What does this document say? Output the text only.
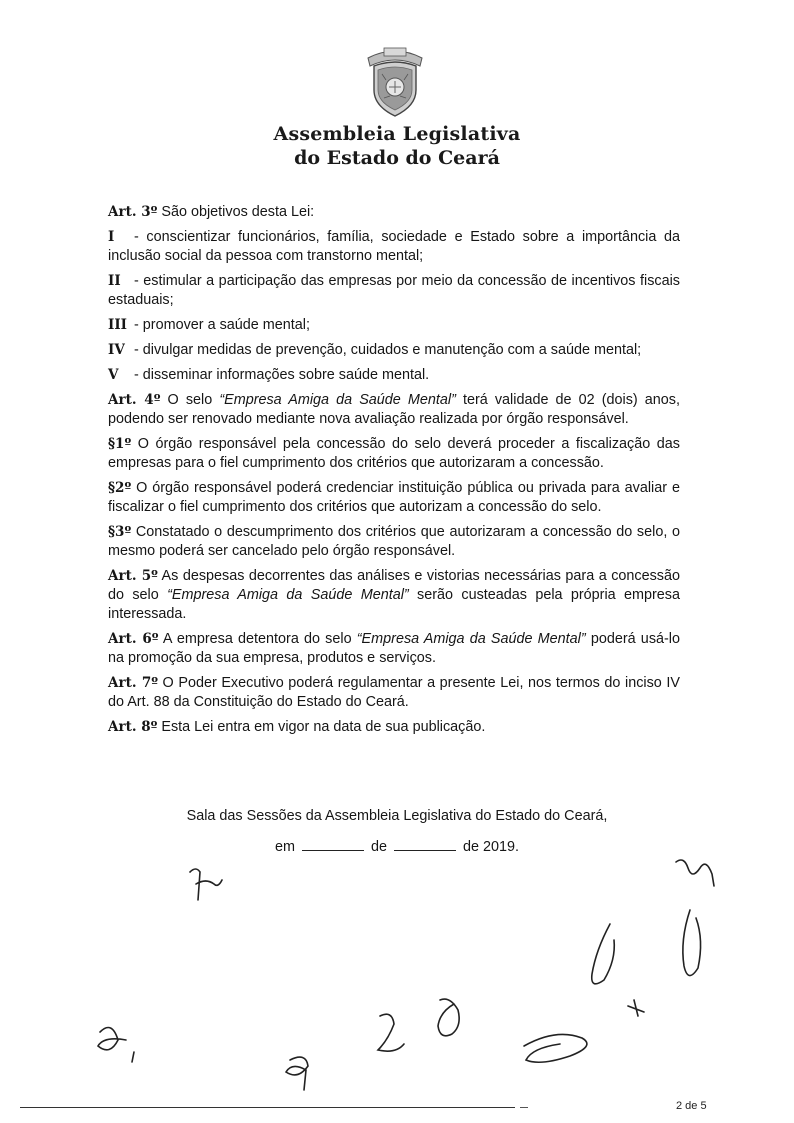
Assembleia Legislativa
do Estado do Ceará

Art. 3º São objetivos desta Lei:

I - conscientizar funcionários, família, sociedade e Estado sobre a importância da inclusão social da pessoa com transtorno mental;

II - estimular a participação das empresas por meio da concessão de incentivos fiscais estaduais;

III - promover a saúde mental;

IV - divulgar medidas de prevenção, cuidados e manutenção com a saúde mental;

V - disseminar informações sobre saúde mental.

Art. 4º O selo “Empresa Amiga da Saúde Mental” terá validade de 02 (dois) anos, podendo ser renovado mediante nova avaliação realizada por órgão responsável.

§1º O órgão responsável pela concessão do selo deverá proceder a fiscalização das empresas para o fiel cumprimento dos critérios que autorizaram a concessão.

§2º O órgão responsável poderá credenciar instituição pública ou privada para avaliar e fiscalizar o fiel cumprimento dos critérios que autorizam a concessão do selo.

§3º Constatado o descumprimento dos critérios que autorizaram a concessão do selo, o mesmo poderá ser cancelado pelo órgão responsável.

Art. 5º As despesas decorrentes das análises e vistorias necessárias para a concessão do selo “Empresa Amiga da Saúde Mental” serão custeadas pela própria empresa interessada.

Art. 6º A empresa detentora do selo “Empresa Amiga da Saúde Mental” poderá usá-lo na promoção da sua empresa, produtos e serviços.

Art. 7º O Poder Executivo poderá regulamentar a presente Lei, nos termos do inciso IV do Art. 88 da Constituição do Estado do Ceará.

Art. 8º Esta Lei entra em vigor na data de sua publicação.

Sala das Sessões da Assembleia Legislativa do Estado do Ceará,
em	de	de 2019.
2 de 5
